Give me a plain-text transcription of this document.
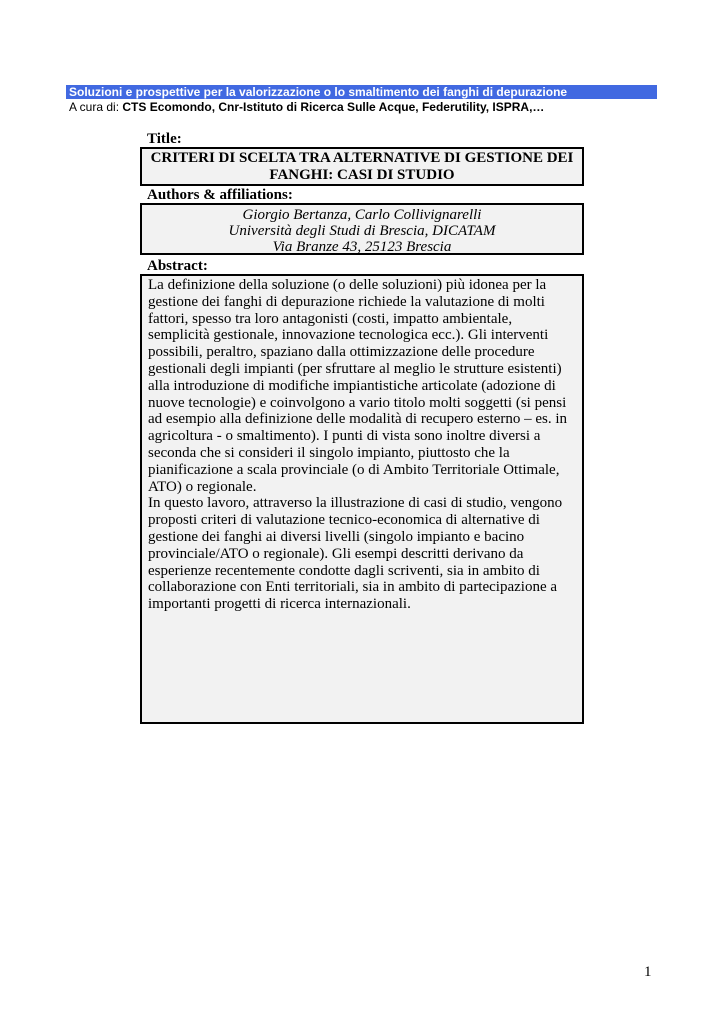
Soluzioni e prospettive per la valorizzazione o lo smaltimento dei fanghi di depurazione
A cura di: CTS Ecomondo, Cnr-Istituto di Ricerca Sulle Acque, Federutility, ISPRA,…
Title:
CRITERI DI SCELTA TRA ALTERNATIVE DI GESTIONE DEI
FANGHI: CASI DI STUDIO
Authors & affiliations:
Giorgio Bertanza, Carlo Collivignarelli
Università degli Studi di Brescia, DICATAM
Via Branze 43, 25123 Brescia
Abstract:

La definizione della soluzione (o delle soluzioni) più idonea per la gestione dei fanghi di depurazione richiede la valutazione di molti fattori, spesso tra loro antagonisti (costi, impatto ambientale, semplicità gestionale, innovazione tecnologica ecc.). Gli interventi possibili, peraltro, spaziano dalla ottimizzazione delle procedure gestionali degli impianti (per sfruttare al meglio le strutture esistenti) alla introduzione di modifiche impiantistiche articolate (adozione di nuove tecnologie) e coinvolgono a vario titolo molti soggetti (si pensi ad esempio alla definizione delle modalità di recupero esterno – es. in agricoltura - o smaltimento). I punti di vista sono inoltre diversi a seconda che si consideri il singolo impianto, piuttosto che la pianificazione a scala provinciale (o di Ambito Territoriale Ottimale, ATO) o regionale.

In questo lavoro, attraverso la illustrazione di casi di studio, vengono proposti criteri di valutazione tecnico-economica di alternative di gestione dei fanghi ai diversi livelli (singolo impianto e bacino provinciale/ATO o regionale). Gli esempi descritti derivano da esperienze recentemente condotte dagli scriventi, sia in ambito di collaborazione con Enti territoriali, sia in ambito di partecipazione a importanti progetti di ricerca internazionali.

1
